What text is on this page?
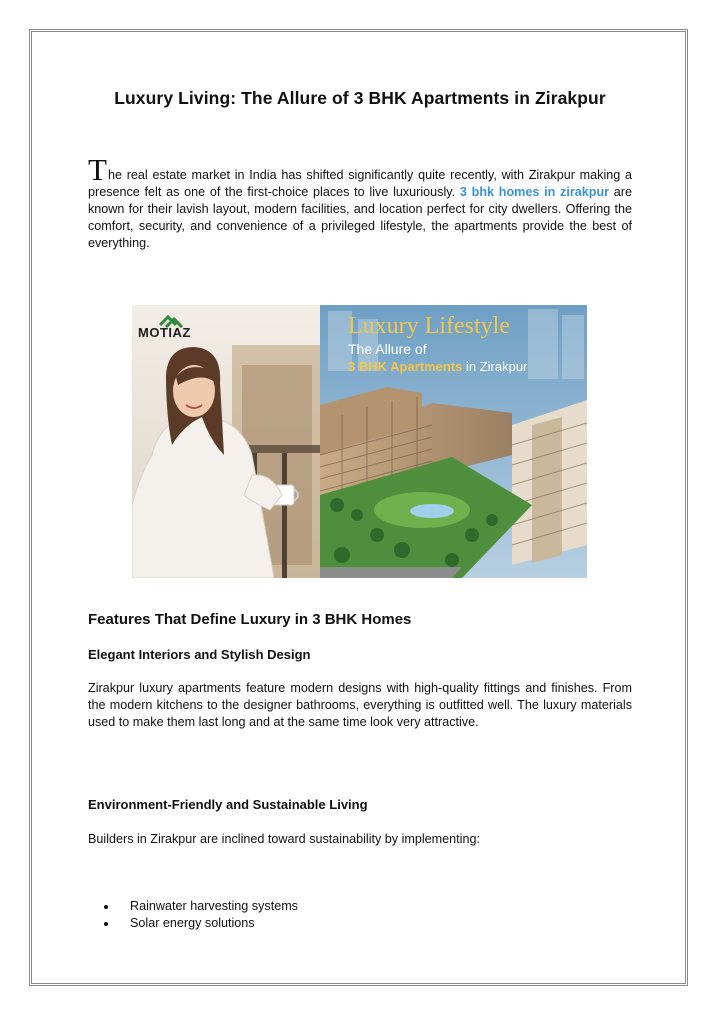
Luxury Living: The Allure of 3 BHK Apartments in Zirakpur
The real estate market in India has shifted significantly quite recently, with Zirakpur making a presence felt as one of the first-choice places to live luxuriously. 3 bhk homes in zirakpur are known for their lavish layout, modern facilities, and location perfect for city dwellers. Offering the comfort, security, and convenience of a privileged lifestyle, the apartments provide the best of everything.
MOTIAZ	Luxury Lifestyle
The Allure of
3 BHK Apartments in Zirakpur
Features That Define Luxury in 3 BHK Homes
Elegant Interiors and Stylish Design
Zirakpur luxury apartments feature modern designs with high-quality fittings and finishes. From the modern kitchens to the designer bathrooms, everything is outfitted well. The luxury materials used to make them last long and at the same time look very attractive.
Environment-Friendly and Sustainable Living
Builders in Zirakpur are inclined toward sustainability by implementing:
Rainwater harvesting systems
Solar energy solutions
